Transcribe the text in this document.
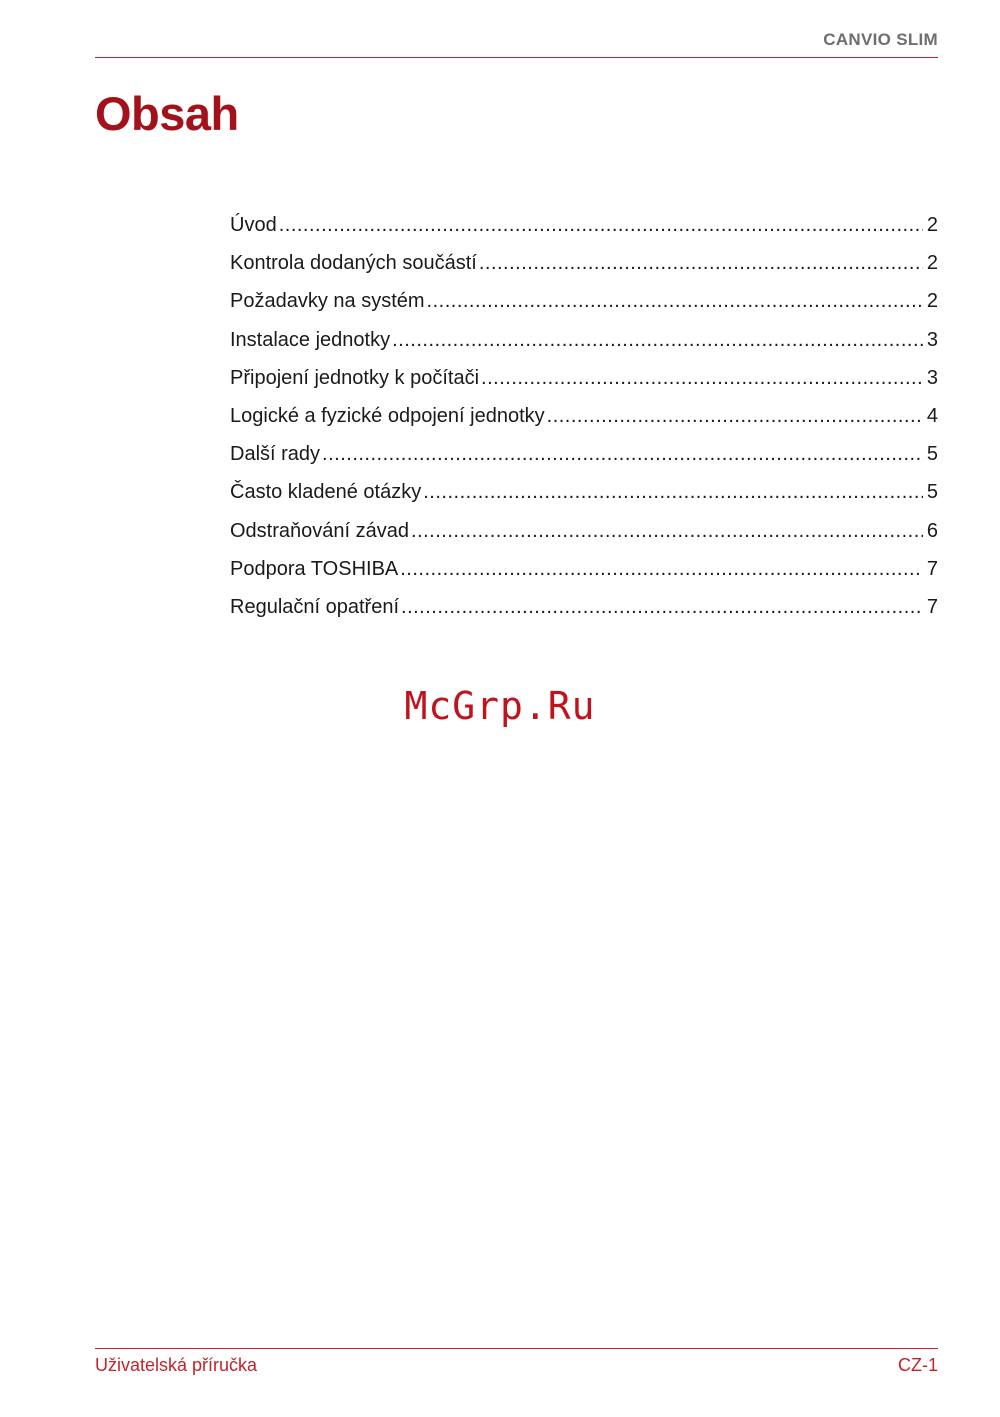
CANVIO SLIM
Obsah
Úvod .....	2
Kontrola dodaných součástí .....	2
Požadavky na systém .....	2
Instalace jednotky .....	3
Připojení jednotky k počítači .....	3
Logické a fyzické odpojení jednotky .....	4
Další rady .....	5
Často kladené otázky .....	5
Odstraňování závad .....	6
Podpora TOSHIBA .....	7
Regulační opatření .....	7
McGrp.Ru
Uživatelská příručka	CZ-1
